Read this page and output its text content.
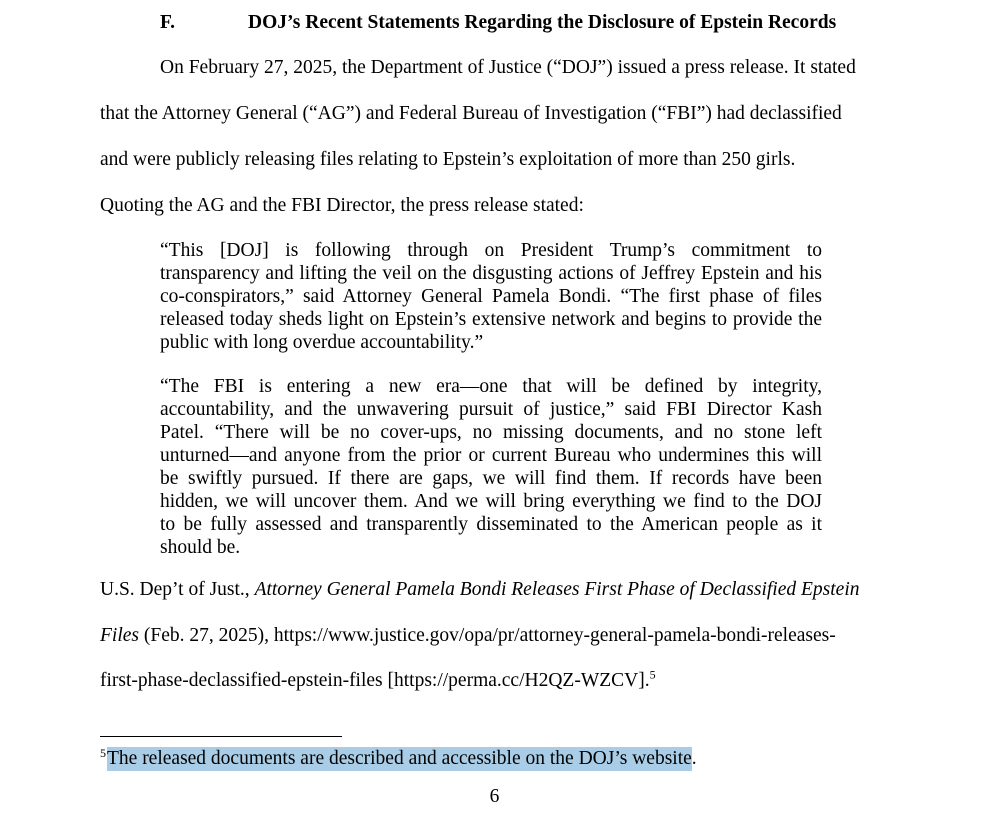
F.	DOJ’s Recent Statements Regarding the Disclosure of Epstein Records
On February 27, 2025, the Department of Justice (“DOJ”) issued a press release. It stated
that the Attorney General (“AG”) and Federal Bureau of Investigation (“FBI”) had declassified
and were publicly releasing files relating to Epstein’s exploitation of more than 250 girls.
Quoting the AG and the FBI Director, the press release stated:
“This [DOJ] is following through on President Trump’s commitment to
transparency and lifting the veil on the disgusting actions of Jeffrey Epstein and his
co-conspirators,” said Attorney General Pamela Bondi. “The first phase of files
released today sheds light on Epstein’s extensive network and begins to provide the
public with long overdue accountability.”
“The FBI is entering a new era—one that will be defined by integrity,
accountability, and the unwavering pursuit of justice,” said FBI Director Kash
Patel. “There will be no cover-ups, no missing documents, and no stone left
unturned—and anyone from the prior or current Bureau who undermines this will
be swiftly pursued. If there are gaps, we will find them. If records have been
hidden, we will uncover them. And we will bring everything we find to the DOJ
to be fully assessed and transparently disseminated to the American people as it
should be.
U.S. Dep’t of Just., Attorney General Pamela Bondi Releases First Phase of Declassified Epstein
Files (Feb. 27, 2025), https://www.justice.gov/opa/pr/attorney-general-pamela-bondi-releases-
first-phase-declassified-epstein-files [https://perma.cc/H2QZ-WZCV].$^5$
$^5$The released documents are described and accessible on the DOJ’s website.
6
